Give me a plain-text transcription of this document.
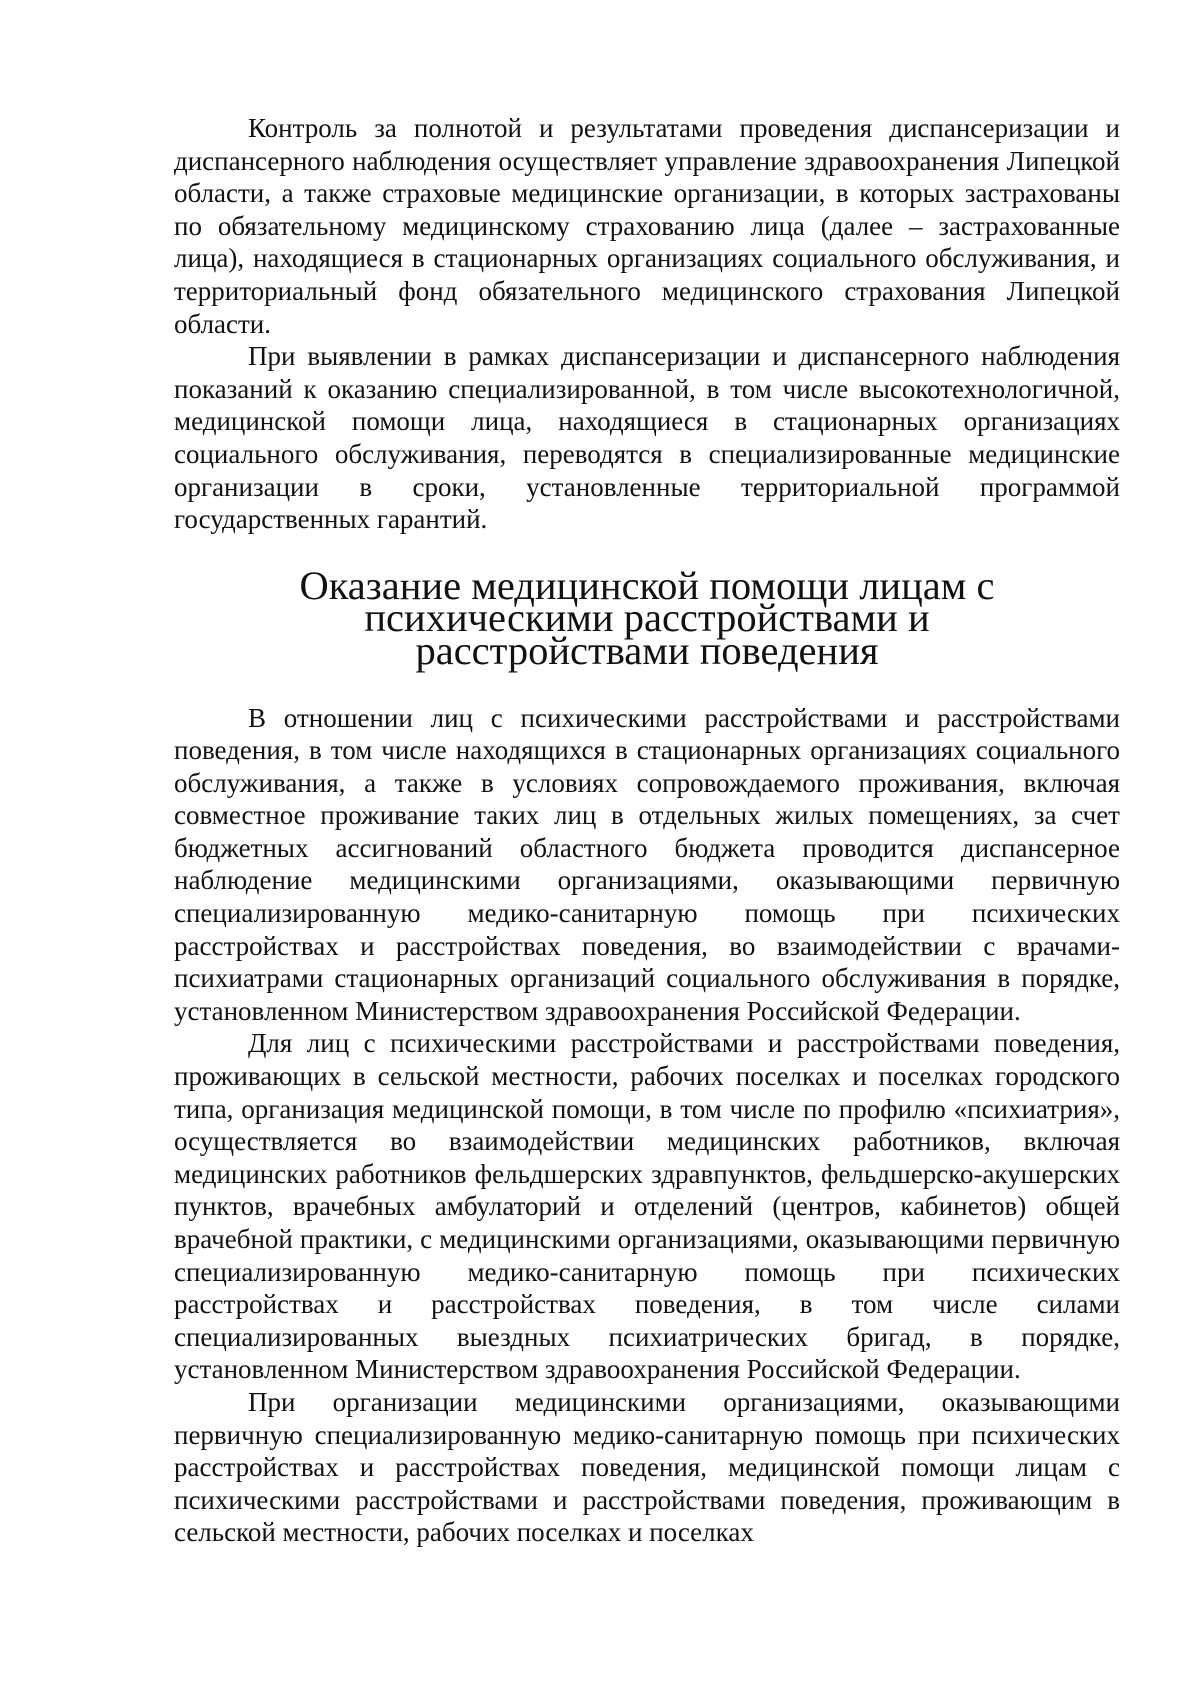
Контроль за полнотой и результатами проведения диспансеризации и диспансерного наблюдения осуществляет управление здравоохранения Липецкой области, а также страховые медицинские организации, в которых застрахованы по обязательному медицинскому страхованию лица (далее – застрахованные лица), находящиеся в стационарных организациях социального обслуживания, и территориальный фонд обязательного медицинского страхования Липецкой области.

При выявлении в рамках диспансеризации и диспансерного наблюдения показаний к оказанию специализированной, в том числе высокотехнологичной, медицинской помощи лица, находящиеся в стационарных организациях социального обслуживания, переводятся в специализированные медицинские организации в сроки, установленные территориальной программой государственных гарантий.

Оказание медицинской помощи лицам с психическими расстройствами и
расстройствами поведения

В отношении лиц с психическими расстройствами и расстройствами поведения, в том числе находящихся в стационарных организациях социального обслуживания, а также в условиях сопровождаемого проживания, включая совместное проживание таких лиц в отдельных жилых помещениях, за счет бюджетных ассигнований областного бюджета проводится диспансерное наблюдение медицинскими организациями, оказывающими первичную специализированную медико-санитарную помощь при психических расстройствах и расстройствах поведения, во взаимодействии с врачами-психиатрами стационарных организаций социального обслуживания в порядке, установленном Министерством здравоохранения Российской Федерации.

Для лиц с психическими расстройствами и расстройствами поведения, проживающих в сельской местности, рабочих поселках и поселках городского типа, организация медицинской помощи, в том числе по профилю «психиатрия», осуществляется во взаимодействии медицинских работников, включая медицинских работников фельдшерских здравпунктов, фельдшерско-акушерских пунктов, врачебных амбулаторий и отделений (центров, кабинетов) общей врачебной практики, с медицинскими организациями, оказывающими первичную специализированную медико-санитарную помощь при психических расстройствах и расстройствах поведения, в том числе силами специализированных выездных психиатрических бригад, в порядке, установленном Министерством здравоохранения Российской Федерации.

При организации медицинскими организациями, оказывающими первичную специализированную медико-санитарную помощь при психических расстройствах и расстройствах поведения, медицинской помощи лицам с психическими расстройствами и расстройствами поведения, проживающим в сельской местности, рабочих поселках и поселках
